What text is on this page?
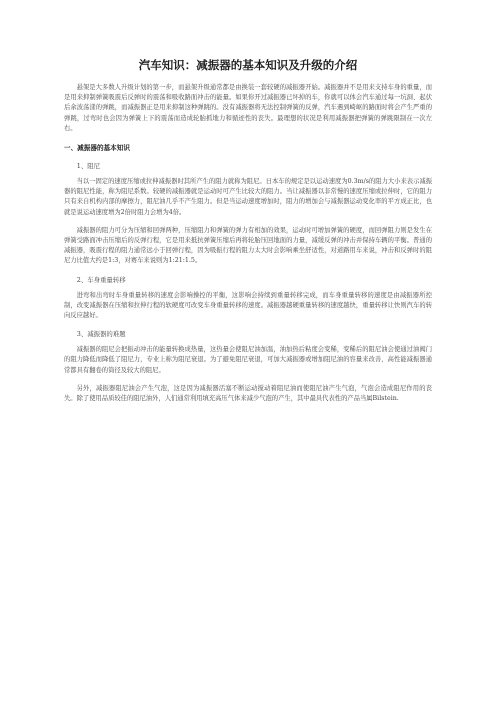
汽车知识：减振器的基本知识及升级的介绍

悬架是大多数人升级计划的第一步，而悬架升级通常都是由换装一套较硬的减振器开始。减振器并不是用来支持车身的重量，而是用来抑制弹簧吸震后反弹时的震荡和吸收路面冲击的能量。如果你开过减振器已坏掉的车，你就可以体会汽车通过每一坑洞、起伏后余波荡漾的弹跳，而减振器正是用来抑制这种弹跳的。没有减振器将无法控制弹簧的反弹，汽车遇到崎岖的路面时将会产生严重的弹跳，过弯时也会因为弹簧上下的震荡而造成轮胎抓地力和循迹性的丧失。最理想的状况是利用减振器把弹簧的弹跳限制在一次左右。

一、减振器的基本知识
1、阻尼

当以一固定的速度压缩或拉伸减振器时其所产生的阻力就称为阻尼。日本车的规定是以运动速度为0.3m/s的阻力大小来表示减振器的阻尼性能，称为阻尼系数。较硬的减振器就是运动时可产生比较大的阻力。当让减振器以非常慢的速度压缩或拉伸时，它的阻力只有来自机构内部的摩擦力，阻尼油几乎不产生阻力。但是当运动速度增加时，阻力的增加会与减振器运动变化率的平方成正比，也就是说运动速度增为2倍时阻力会增为4倍。

减振器的阻力可分为压缩和回弹两种，压缩阻力和弹簧的弹力有相加的效果，运动时可增加弹簧的硬度，而回弹阻力则是发生在弹簧受路面冲击压缩后的反弹行程，它是用来抵抗弹簧压缩后再将轮胎压回地面的力量，减缓反弹的冲击并保持车辆的平衡。普通的减振器，吸震行程的阻力通常远小于回弹行程，因为吸振行程的阻力太大时会影响乘坐舒适性，对道路用车来说，冲击和反弹时的阻尼力比值大约是1:3，对赛车来说则为1:21:1.5。

2、车身重量转移

进弯和出弯时车身重量转移的速度会影响操控的平衡，这影响会持续到重量转移完成，而车身重量转移的速度是由减振器所控制，改变减振器在压缩和拉伸行程的软硬度可改变车身重量转移的速度。减振器越硬重量转移的速度越快，重量转移让快则汽车的转向反应越好。

3、减振器的难题

减振器的阻尼会把振动冲击的能量转换成热量，这热量会使阻尼油加温，油加热后粘度会变稀，变稀后的阻尼油会使通过油阀门的阻力降低而降低了阻尼力，专业上称为阻尼衰退。为了避免阻尼衰退，可加大减振器或增加阻尼油的容量来改善，高性能减振器通常都具有翻卷的筒径及较大的阻尼。

另外，减振器阻尼油会产生气泡，这是因为减振器活塞不断运动搅动着阻尼油而使阻尼油产生气泡，气泡会造成阻尼作用的丧失。除了使用品质较佳的阻尼油外，人们通常利用填充高压气体来减少气泡的产生，其中最具代表性的产品当属Bilstein.
